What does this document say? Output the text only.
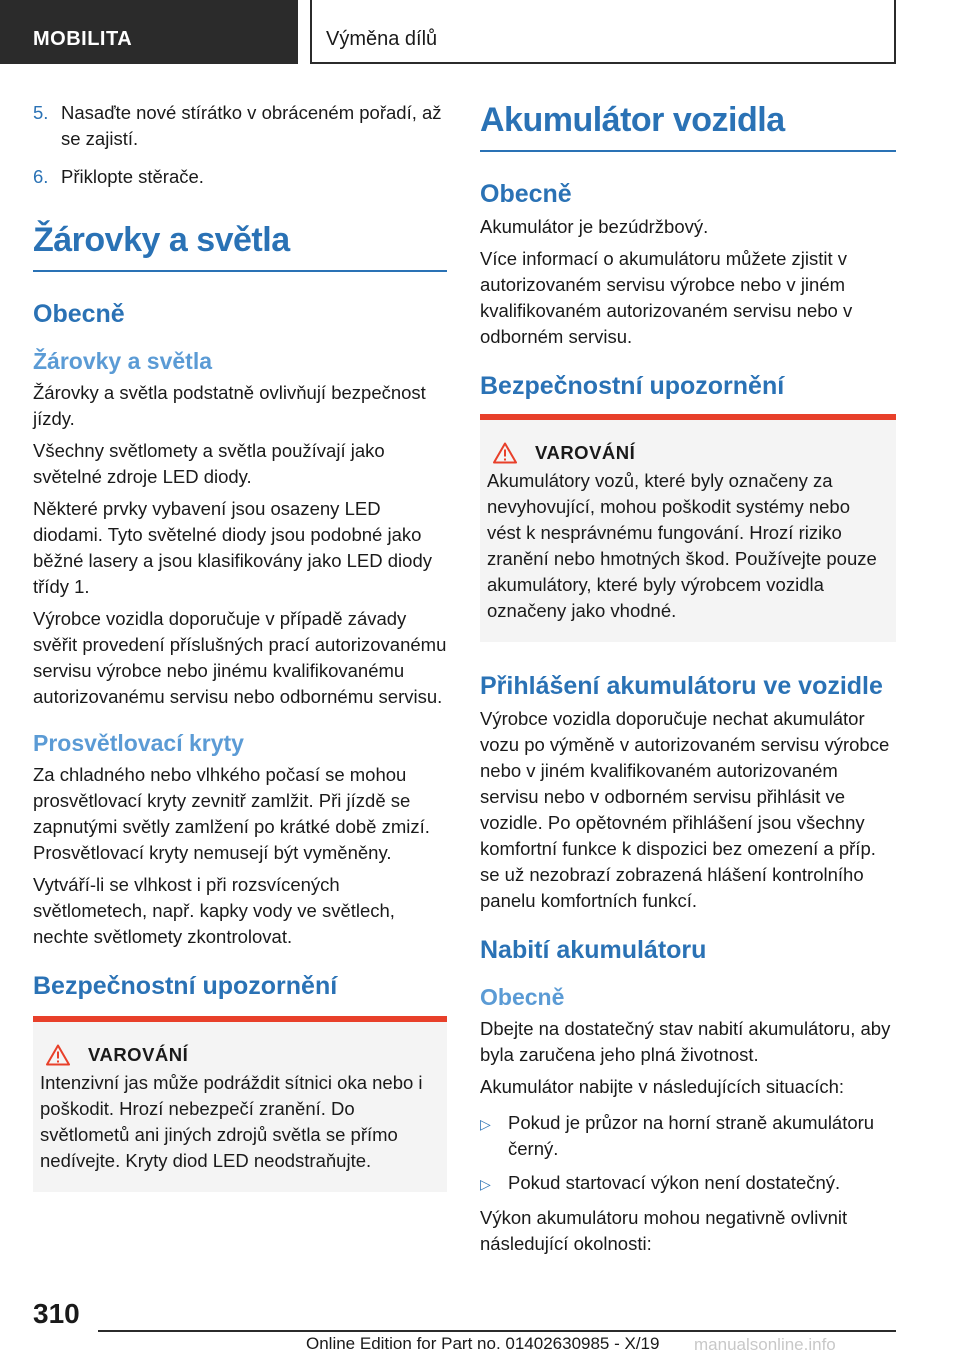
MOBILITA	Výměna dílů
5. Nasaďte nové stírátko v obráceném pořadí, až se zajistí.
6. Přiklopte stěrače.
Žárovky a světla
Obecně
Žárovky a světla

Žárovky a světla podstatně ovlivňují bezpečnost jízdy.

Všechny světlomety a světla používají jako světelné zdroje LED diody.

Některé prvky vybavení jsou osazeny LED diodami. Tyto světelné diody jsou podobné jako běžné lasery a jsou klasifikovány jako LED diody třídy 1.

Výrobce vozidla doporučuje v případě závady svěřit provedení příslušných prací autorizovanému servisu výrobce nebo jinému kvalifikovanému autorizovanému servisu nebo odbornému servisu.

Prosvětlovací kryty

Za chladného nebo vlhkého počasí se mohou prosvětlovací kryty zevnitř zamlžit. Při jízdě se zapnutými světly zamlžení po krátké době zmizí. Prosvětlovací kryty nemusejí být vyměněny.

Vytváří-li se vlhkost i při rozsvícených světlometech, např. kapky vody ve světlech, nechte světlomety zkontrolovat.

Bezpečnostní upozornění
VAROVÁNÍ

Intenzivní jas může podráždit sítnici oka nebo i poškodit. Hrozí nebezpečí zranění. Do světlometů ani jiných zdrojů světla se přímo nedívejte. Kryty diod LED neodstraňujte.

Akumulátor vozidla
Obecně

Akumulátor je bezúdržbový.

Více informací o akumulátoru můžete zjistit v autorizovaném servisu výrobce nebo v jiném kvalifikovaném autorizovaném servisu nebo v odborném servisu.

Bezpečnostní upozornění
VAROVÁNÍ

Akumulátory vozů, které byly označeny za nevyhovující, mohou poškodit systémy nebo vést k nesprávnému fungování. Hrozí riziko zranění nebo hmotných škod. Používejte pouze akumulátory, které byly výrobcem vozidla označeny jako vhodné.

Přihlášení akumulátoru ve vozidle

Výrobce vozidla doporučuje nechat akumulátor vozu po výměně v autorizovaném servisu výrobce nebo v jiném kvalifikovaném autorizovaném servisu nebo v odborném servisu přihlásit ve vozidle. Po opětovném přihlášení jsou všechny komfortní funkce k dispozici bez omezení a příp. se už nezobrazí zobrazená hlášení kontrolního panelu komfortních funkcí.

Nabití akumulátoru
Obecně

Dbejte na dostatečný stav nabití akumulátoru, aby byla zaručena jeho plná životnost.

Akumulátor nabijte v následujících situacích:

▷ Pokud je průzor na horní straně akumulátoru černý.
▷ Pokud startovací výkon není dostatečný.

Výkon akumulátoru mohou negativně ovlivnit následující okolnosti:

310
Online Edition for Part no. 01402630985 - X/19 manualsonline.info
